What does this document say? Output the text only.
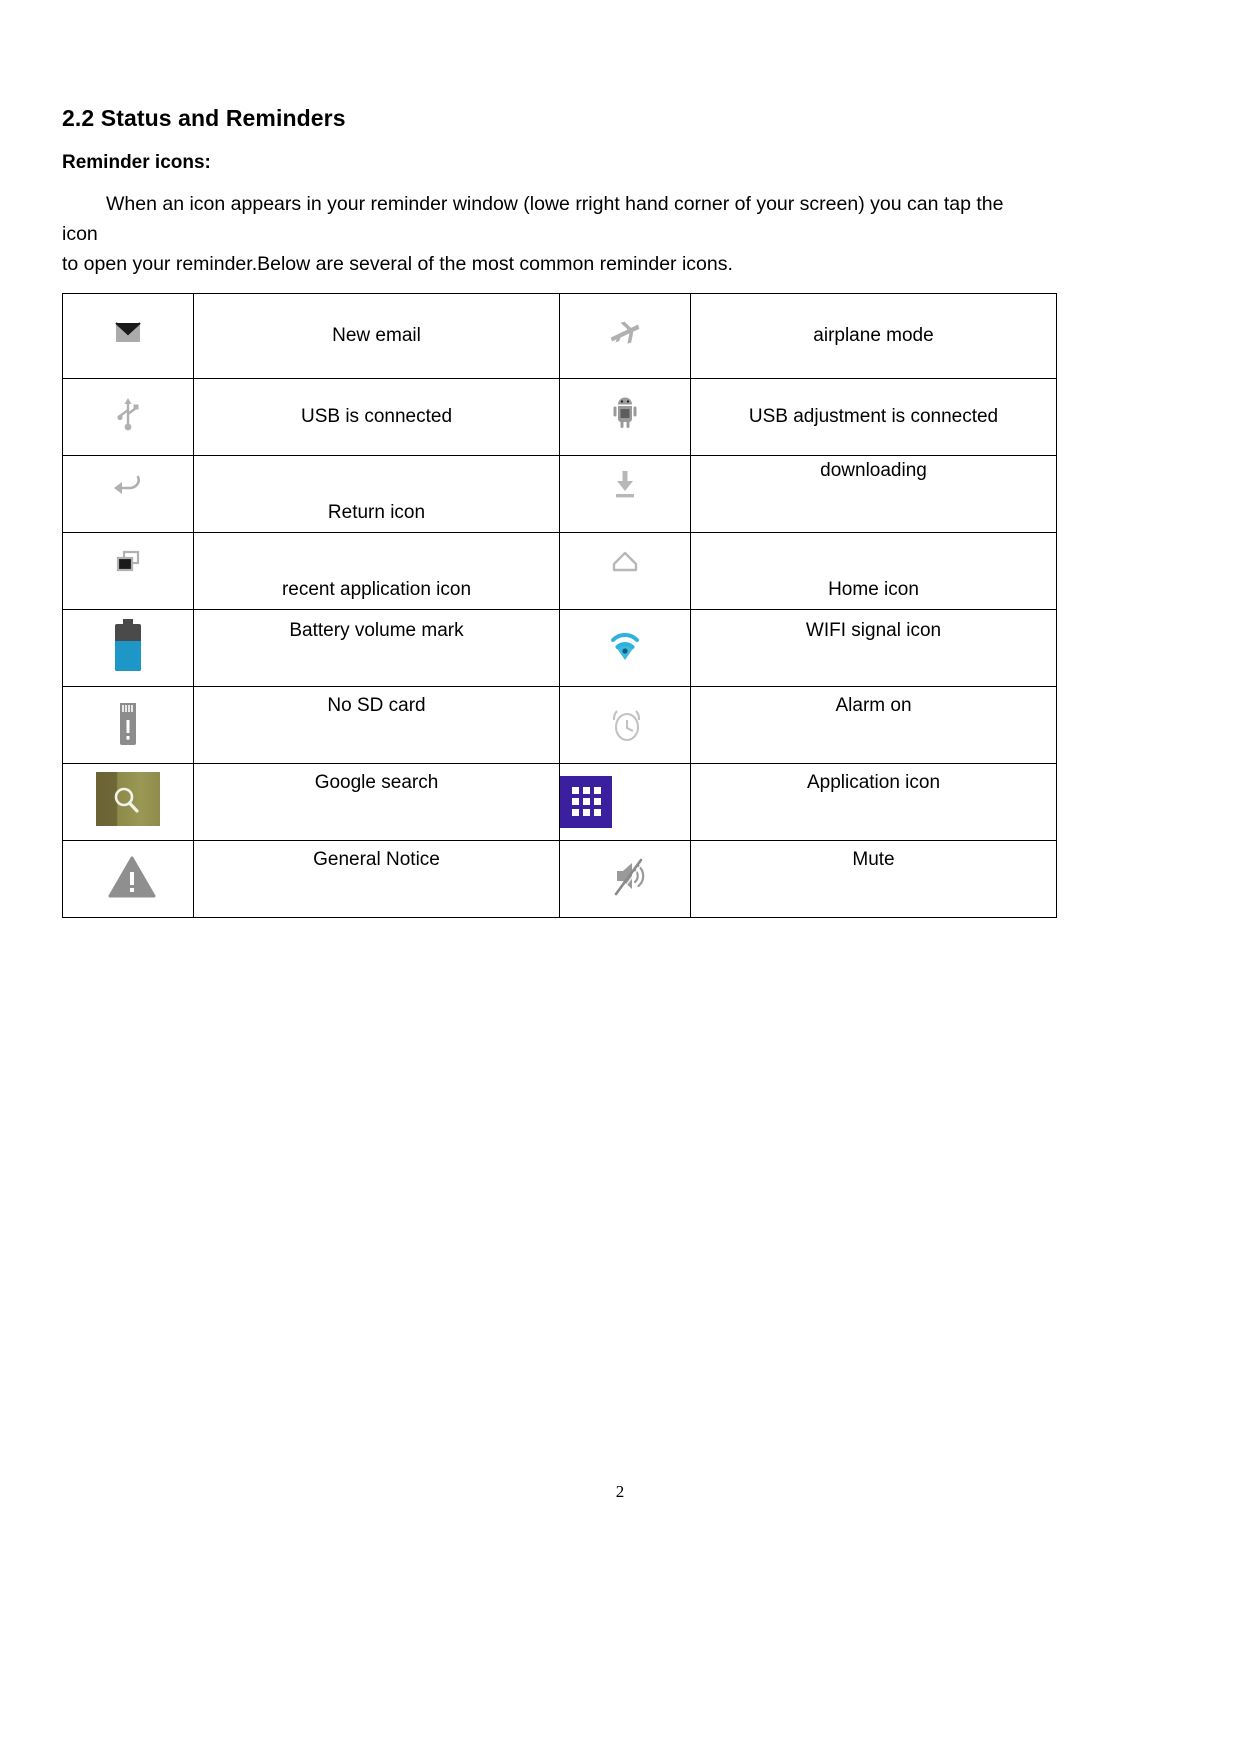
2.2 Status and Reminders
Reminder icons:

When an icon appears in your reminder window (lowe rright hand corner of your screen) you can tap the icon
to open your reminder.Below are several of the most common reminder icons.

	New email		airplane mode

	USB is connected		USB adjustment is connected

Return icon		downloading

recent application icon		Home icon

	Battery volume mark		WIFI signal icon

No SD card		Alarm on

Google search		Application icon

General Notice		Mute
2
